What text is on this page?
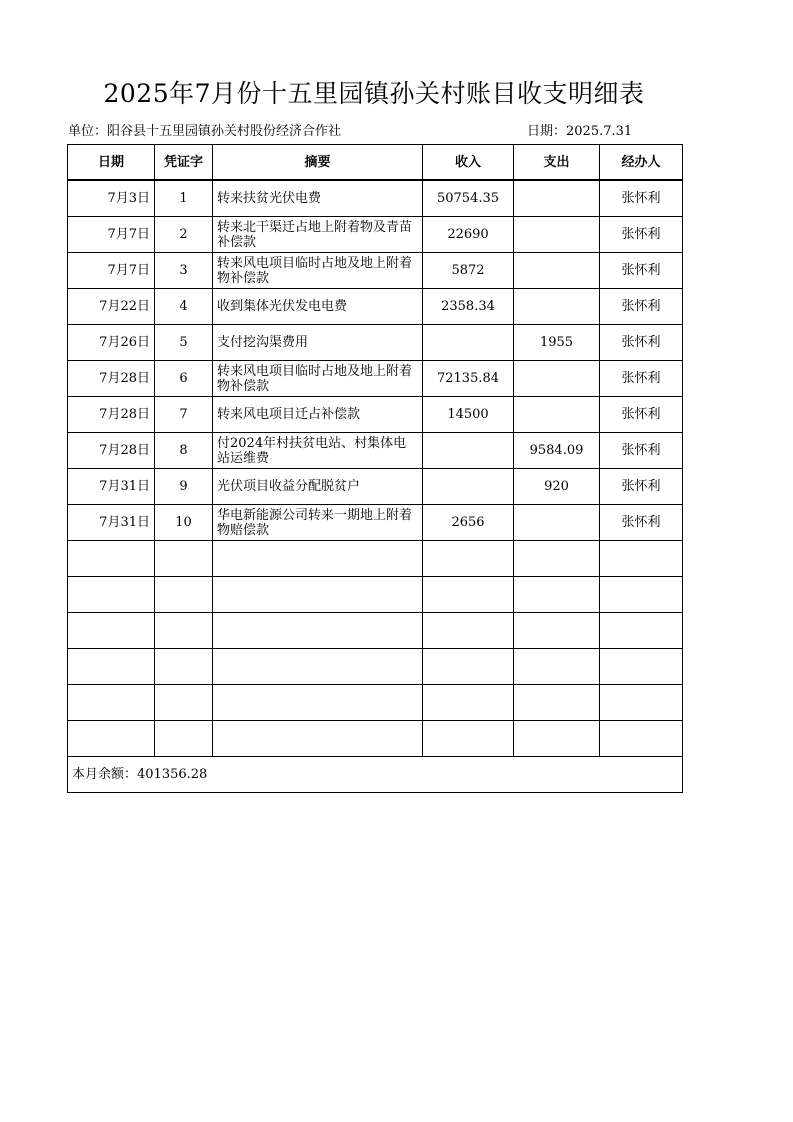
2025年7月份十五里园镇孙关村账目收支明细表
单位：阳谷县十五里园镇孙关村股份经济合作社	日期：2025.7.31
日期	凭证字	摘要	收入	支出	经办人
7月3日	1	转来扶贫光伏电费	50754.35		张怀利
7月7日	2	转来北干渠迁占地上附着物及青苗补偿款	22690		张怀利
7月7日	3	转来风电项目临时占地及地上附着物补偿款	5872		张怀利
7月22日	4	收到集体光伏发电电费	2358.34		张怀利
7月26日	5	支付挖沟渠费用		1955	张怀利
7月28日	6	转来风电项目临时占地及地上附着物补偿款	72135.84		张怀利
7月28日	7	转来风电项目迁占补偿款	14500		张怀利
7月28日	8	付2024年村扶贫电站、村集体电站运维费		9584.09	张怀利
7月31日	9	光伏项目收益分配脱贫户		920	张怀利
7月31日	10	华电新能源公司转来一期地上附着物赔偿款	2656		张怀利

本月余额：401356.28					
